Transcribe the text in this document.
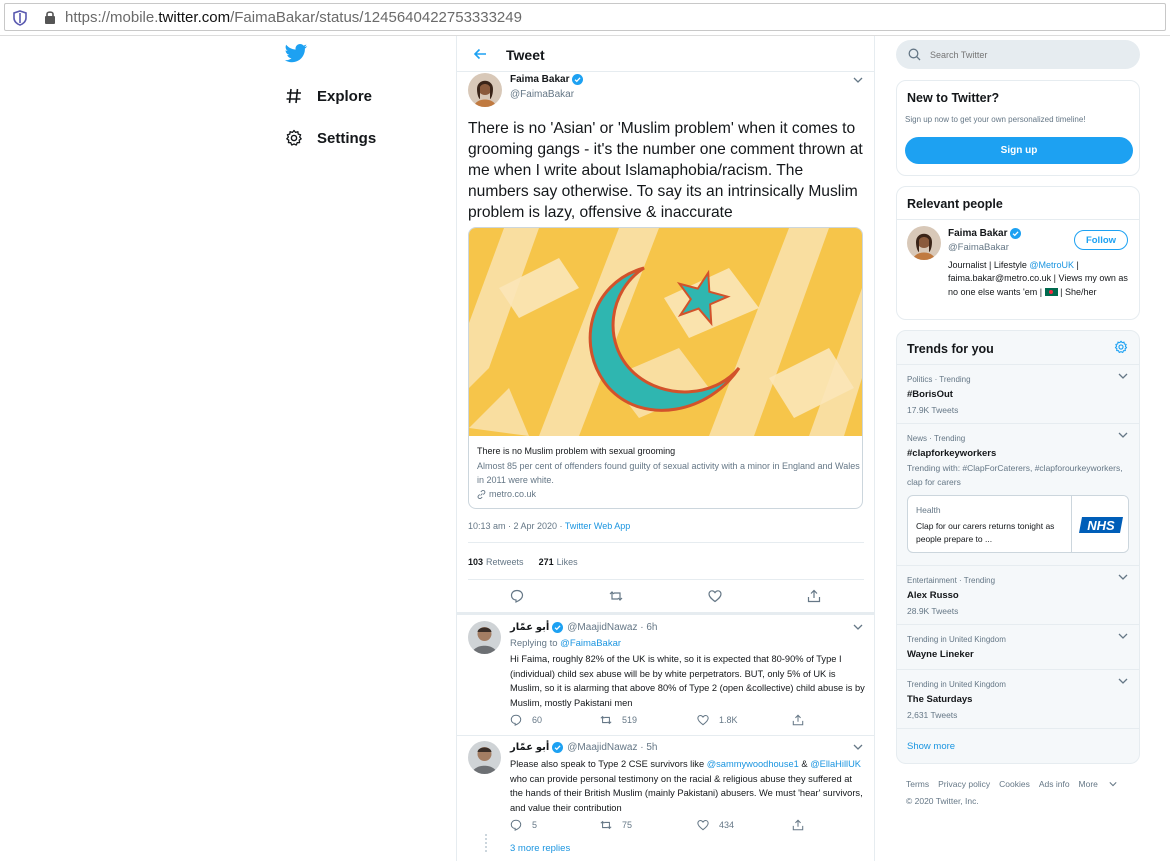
https://mobile.twitter.com/FaimaBakar/status/1245640422753333249
Explore
Settings
Tweet
Faima Bakar
@FaimaBakar
There is no 'Asian' or 'Muslim problem' when it comes to grooming gangs - it's the number one comment thrown at me when I write about Islamaphobia/racism. The numbers say otherwise. To say its an intrinsically Muslim problem is lazy, offensive & inaccurate
There is no Muslim problem with sexual grooming
Almost 85 per cent of offenders found guilty of sexual activity with a minor in England and Wales in 2011 were white.
metro.co.uk
10:13 am · 2 Apr 2020 · Twitter Web App
103 Retweets 271 Likes
أبو عمّار @MaajidNawaz · 6h
Replying to @FaimaBakar
Hi Faima, roughly 82% of the UK is white, so it is expected that 80-90% of Type I (individual) child sex abuse will be by white perpetrators. BUT, only 5% of UK is Muslim, so it is alarming that above 80% of Type 2 (open &collective) child abuse is by Muslim, mostly Pakistani men
60	519	1.8K
أبو عمّار @MaajidNawaz · 5h
Please also speak to Type 2 CSE survivors like @sammywoodhouse1 & @EllaHillUK who can provide personal testimony on the racial & religious abuse they suffered at the hands of their British Muslim (mainly Pakistani) abusers. We must 'hear' survivors, and value their contribution
5	75	434
3 more replies
Search Twitter
New to Twitter?
Sign up now to get your own personalized timeline!
Sign up
Relevant people
Faima Bakar
@FaimaBakar
Follow
Journalist | Lifestyle @MetroUK | faima.bakar@metro.co.uk | Views my own as no one else wants 'em |  | She/her
Trends for you
Politics · Trending
#BorisOut
17.9K Tweets
News · Trending
#clapforkeyworkers
Trending with: #ClapForCaterers, #clapforourkeyworkers, clap for carers
Health
Clap for our carers returns tonight as people prepare to ...
NHS
Entertainment · Trending
Alex Russo
28.9K Tweets
Trending in United Kingdom
Wayne Lineker
Trending in United Kingdom
The Saturdays
2,631 Tweets
Show more
Terms Privacy policy Cookies Ads info More
© 2020 Twitter, Inc.
